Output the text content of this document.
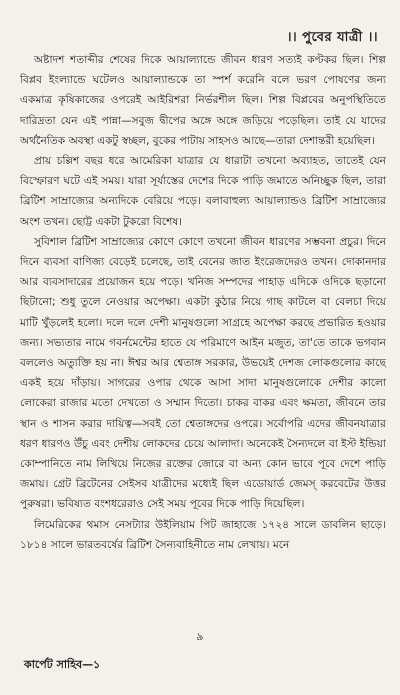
।। পুবের যাত্রী ।।

অষ্টাদশ শতাব্দীর শেষের দিকে আয়াল্যান্ডে জীবন ধারণ সত্যই কণ্টকর ছিল। শিল্প বিপ্লব ইংল্যান্ডে ঘটেলও আয়াল্যান্ডকে তা স্পর্শ করেনি বলে ভরণ পোষণের জন্য একমাত্র কৃষিকাজের ওপরেই আইরিশরা নির্ভরশীল ছিল। শিল্প বিপ্লবের অনুপস্থিতিতে দারিদ্রতা যেন এই পান্না—সবুজ দ্বীপের অঙ্গে অঙ্গে জড়িয়ে পড়েছিল। তাই যে যাদের অর্থনৈতিক অবস্থা একটু স্বচ্ছল, বুকের পাটায় সাহসও আছে—তারা দেশান্তরী হয়েছিল।

প্রায় চল্লিশ বছর ধরে আমেরিকা যাত্রার যে ধারাটা তখনো অব্যাহত, তাতেই যেন বিস্ফোরণ ঘটে এই সময়। যারা সূর্যাস্তের দেশের দিকে পাড়ি জমাতে অনিচ্ছুক ছিল, তারা ব্রিটিশ সাম্রাজ্যের অন্যদিকে বেরিয়ে পড়ে। বলাবাহুল্য আয়াল্যান্ডও ব্রিটিশ সাম্রাজ্যের অংশ তখন। ছোট্ট একটা টুকরো বিশেষ।

সুবিশাল ব্রিটিশ সাম্রাজ্যের কোণে কোণে তখনো জীবন ধারণের সম্ভবনা প্রচুর। দিনে দিনে ব্যবসা বাণিজ্য বেড়েই চলেছে, তাই বেনের জাত ইংরেজদেরও তখন। দোকানদার আর ব্যবসাদারের প্রয়োজন হয়ে পড়ে। খনিজ সম্পদের পাহাড় এদিকে ওদিকে ছড়ানো ছিটানো; শুধু তুলে নেওয়ার অপেক্ষা। একটা কুঠার নিয়ে গাছ কাটলে বা বেলচা দিয়ে মাটি খুঁড়লেই হলো। দলে দলে দেশী মানুষগুলো সাগ্রহে অপেক্ষা করছে প্রভারিত হওয়ার জন্য। সভ্যতার নামে গবর্নমেন্টের হাতে যে পরিমাণে আইন মজুত, তা'তে তাকে ভগবান বললেও অত্যুক্তি হয় না। ঈশ্বর আর শ্বেতাঙ্গ সরকার, উভয়েই দেশজ লোকগুলোর কাছে একই হয়ে দাঁড়ায়। সাগরের ওপার থেকে আসা সাদা মানুষগুলোকে দেশীর কালো লোকেরা রাজার মতো দেখতো ও সম্মান দিতো। চাকর বাকর এবং ক্ষমতা, জীবনে তার স্থান ও শাসন করার দায়িত্ব—সবই তো শ্বেতাঙ্গদের ওপরে। সর্বোপরি এদের জীবনযাত্রার ধরণ ধারণও উঁচু এবং দেশীয় লোকদের চেয়ে আলাদা। অনেকেই সৈন্যদলে বা ইস্ট ইন্ডিয়া কোম্পানিতে নাম লিখিয়ে নিজের রক্তের জোরে বা অন্য কোন ভাবে পূবে দেশে পাড়ি জমায়। গ্রেট ব্রিটেনের সেইসব যাত্রীদের মধ্যেই ছিল এডোয়ার্ড জেমস্ করবেটের উত্তর পুরুষরা। ভবিষ্যত বংশধরেরাও সেই সময় পূবের দিকে পাড়ি দিয়েছিল।

লিমেরিকের থমাস নেসট্যার উইলিয়াম পিট জাহাজে ১৭২৪ সালে ডাবলিন ছাড়ে। ১৮১৪ সালে ভারতবর্ষের ব্রিটিশ সৈন্যবাহিনীতে নাম লেখায়। মনে

৯
কার্পেট সাহিব—১
